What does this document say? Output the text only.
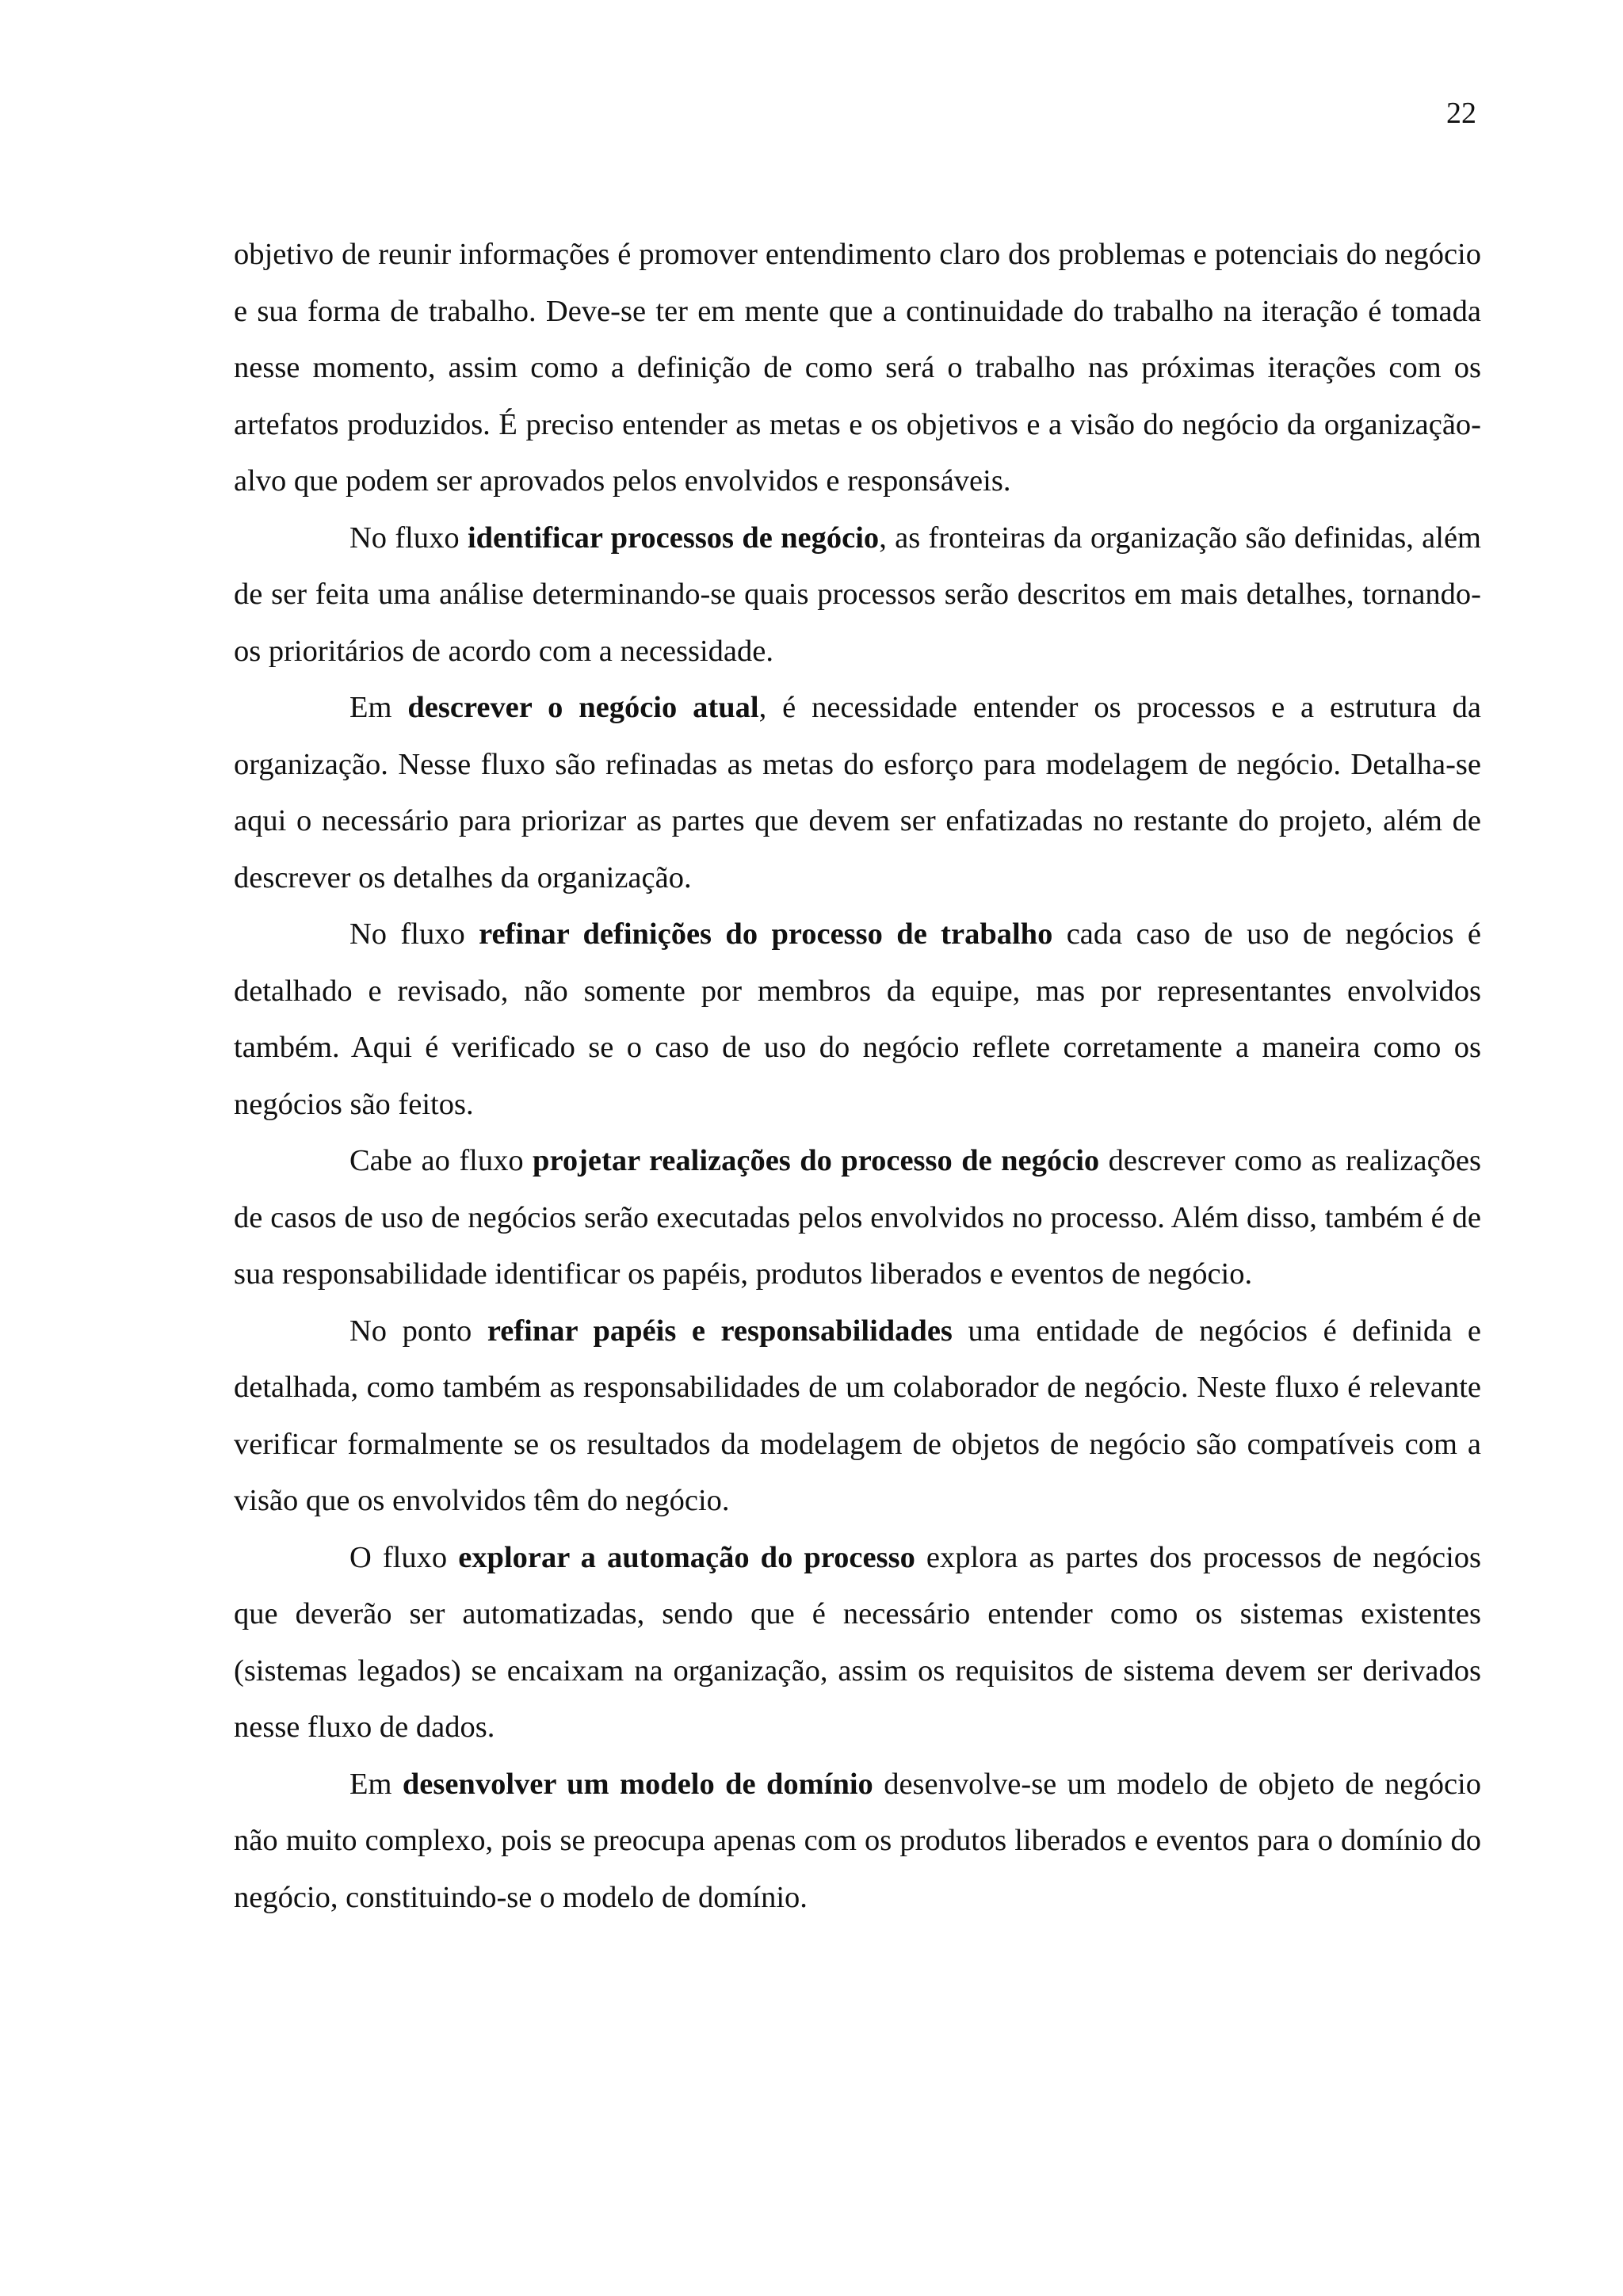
22

objetivo de reunir informações é promover entendimento claro dos problemas e potenciais do negócio e sua forma de trabalho. Deve-se ter em mente que a continuidade do trabalho na iteração é tomada nesse momento, assim como a definição de como será o trabalho nas próximas iterações com os artefatos produzidos. É preciso entender as metas e os objetivos e a visão do negócio da organização-alvo que podem ser aprovados pelos envolvidos e responsáveis.

No fluxo identificar processos de negócio, as fronteiras da organização são definidas, além de ser feita uma análise determinando-se quais processos serão descritos em mais detalhes, tornando-os prioritários de acordo com a necessidade.

Em descrever o negócio atual, é necessidade entender os processos e a estrutura da organização. Nesse fluxo são refinadas as metas do esforço para modelagem de negócio. Detalha-se aqui o necessário para priorizar as partes que devem ser enfatizadas no restante do projeto, além de descrever os detalhes da organização.

No fluxo refinar definições do processo de trabalho cada caso de uso de negócios é detalhado e revisado, não somente por membros da equipe, mas por representantes envolvidos também. Aqui é verificado se o caso de uso do negócio reflete corretamente a maneira como os negócios são feitos.

Cabe ao fluxo projetar realizações do processo de negócio descrever como as realizações de casos de uso de negócios serão executadas pelos envolvidos no processo. Além disso, também é de sua responsabilidade identificar os papéis, produtos liberados e eventos de negócio.

No ponto refinar papéis e responsabilidades uma entidade de negócios é definida e detalhada, como também as responsabilidades de um colaborador de negócio. Neste fluxo é relevante verificar formalmente se os resultados da modelagem de objetos de negócio são compatíveis com a visão que os envolvidos têm do negócio.

O fluxo explorar a automação do processo explora as partes dos processos de negócios que deverão ser automatizadas, sendo que é necessário entender como os sistemas existentes (sistemas legados) se encaixam na organização, assim os requisitos de sistema devem ser derivados nesse fluxo de dados.

Em desenvolver um modelo de domínio desenvolve-se um modelo de objeto de negócio não muito complexo, pois se preocupa apenas com os produtos liberados e eventos para o domínio do negócio, constituindo-se o modelo de domínio.
